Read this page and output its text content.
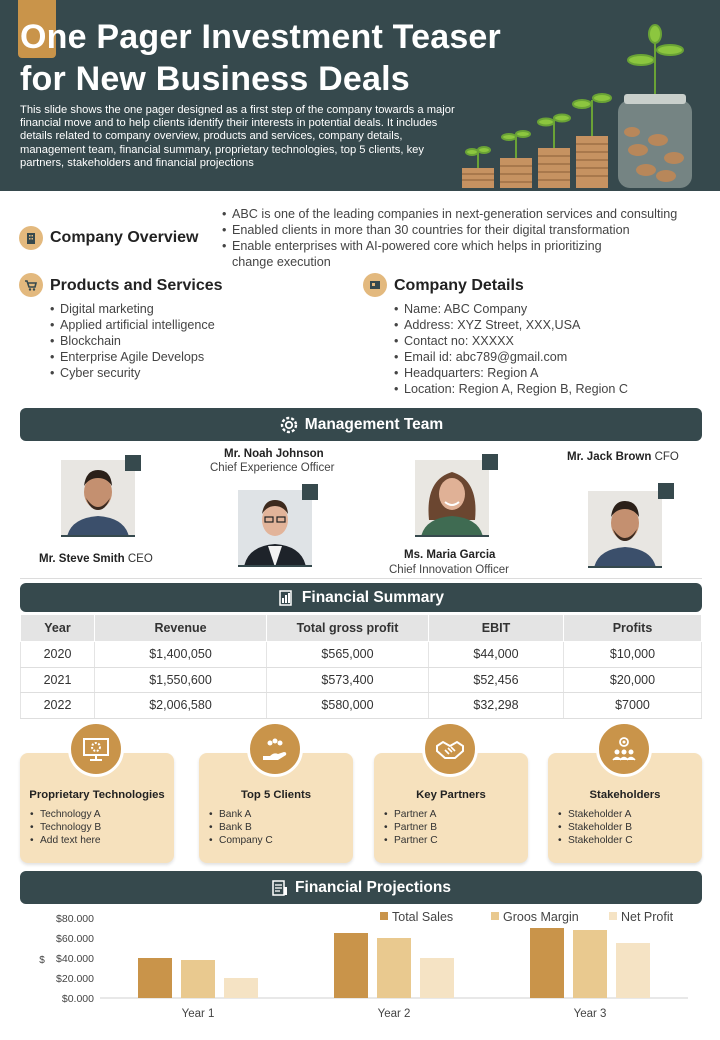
One Pager Investment Teaser
for New Business Deals
This slide shows the one pager designed as a first step of the company towards a major financial move and to help clients identify their interests in potential deals. It includes details related to company overview, products and services, company details, management team, financial summary, proprietary technologies, top 5 clients, key partners, stakeholders and financial projections
Company Overview
• ABC is one of the leading companies in next-generation services and consulting
• Enabled clients in more than 30 countries for their digital transformation
• Enable enterprises with AI-powered core which helps in prioritizing change execution
Products and Services
• Digital marketing
• Applied artificial intelligence
• Blockchain
• Enterprise Agile Develops
• Cyber security
Company Details
• Name: ABC Company
• Address: XYZ Street, XXX,USA
• Contact no: XXXXX
• Email id: abc789@gmail.com
• Headquarters: Region A
• Location: Region A, Region B, Region C
Management Team
Mr. Steve Smith CEO
Mr. Noah Johnson
Chief Experience Officer
Ms. Maria Garcia
Chief Innovation Officer
Mr. Jack Brown CFO
Financial Summary
Year	Revenue	Total gross profit	EBIT	Profits
2020	$1,400,050	$565,000	$44,000	$10,000
2021	$1,550,600	$573,400	$52,456	$20,000
2022	$2,006,580	$580,000	$32,298	$7000
Proprietary Technologies
• Technology A
• Technology B
• Add text here
Top 5 Clients
• Bank A
• Bank B
• Company C
Key Partners
• Partner A
• Partner B
• Partner C
Stakeholders
• Stakeholder A
• Stakeholder B
• Stakeholder C
Financial Projections
$0.000
$20.000
$40.000
$60.000
$80.000
$
Year 1	Year 2	Year 3
Total Sales	Groos Margin	Net Profit
